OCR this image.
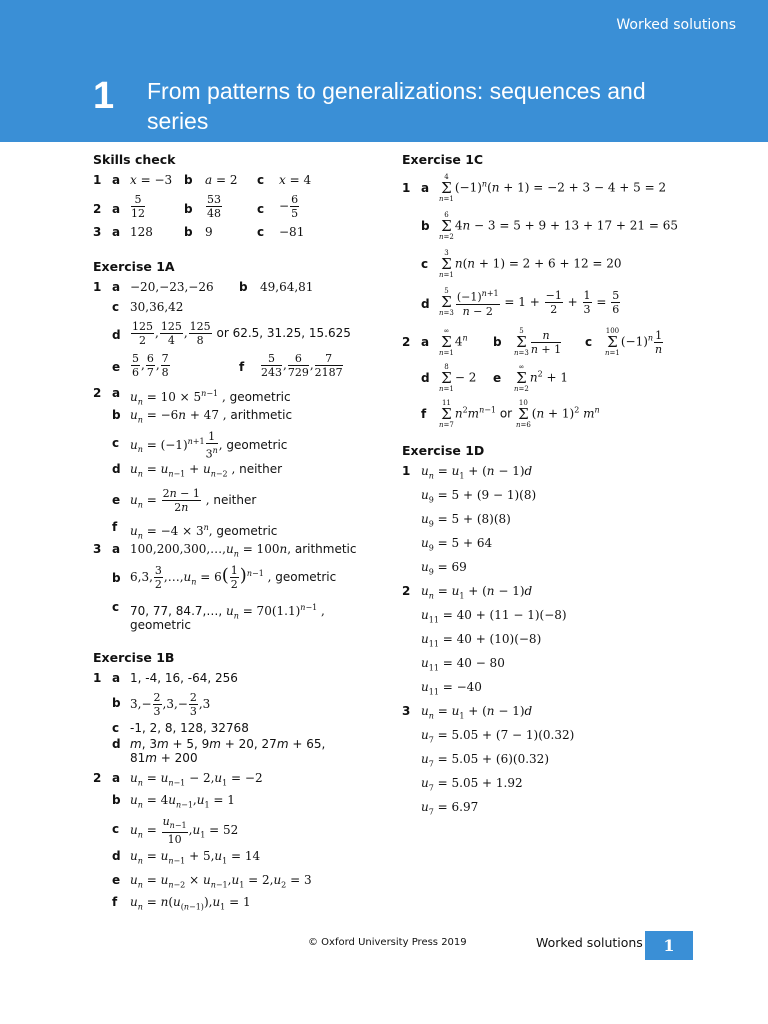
Worked solutions
1 From patterns to generalizations: sequences and series
Skills check
1 a x = −3 b a = 2 c x = 4
2 a $\frac{5}{12}$	b $\frac{53}{48}$	$c - \frac{6}{5}$
3 a 128	b 9	c −81
Exercise 1A
1 a −20,−23,−26 b 49,64,81
c 30,36,42
d $\frac{125}{2}$ , $\frac{125}{4}$ , $\frac{125}{8}$ or 62.5, 31.25, 15.625
e $\frac{5}{6}$ , $\frac{6}{7}$ , $\frac{7}{8}$	f $\frac{5}{243}$ , $\frac{6}{729}$ , $\frac{7}{2187}$
2 a $u_n = 10 \times 5^{n-1}$ , geometric
b $u_n = -6n + 47$ , arithmetic
c $u_n = (-1)^{n+1} \frac{1}{3^n}$ , geometric
d $u_n = u_{n-1} + u_{n-2}$ , neither
e $u_n = \frac{2n - 1}{2n}$ , neither
f $u_n = -4 \times 3^n$, geometric
3 a $100,200,300,\dots,u_n = 100n$, arithmetic
b 6,3, $\frac{3}{2}$ $,\dots,u_n = 6( \frac{1}{2} )^{n-1}$ , geometric
c 70, 77, 84.7,…, $u_n = 70(1.1)^{n-1}$ ,
geometric
Exercise 1B
1 a 1, -4, 16, -64, 256
b $3,- \frac{2}{3} ,3,- \frac{2}{3} ,3$
c -1, 2, 8, 128, 32768
d m, 3m + 5, 9m + 20, 27m + 65,
81m + 200
2 a $u_n = u_{n-1} - 2,u_1 = -2$
b $u_n = 4u_{n-1},u_1 = 1$
c $u_n = \frac{u_{n-1}}{10} ,u_1 = 52$
d $u_n = u_{n-1} + 5,u_1 = 14$
e $u_n = u_{n-2} \times u_{n-1},u_1 = 2,u_2 = 3$
f $u_n = n(u_{(n-1)}),u_1 = 1$
Exercise 1C
1 a
4
Σ
$n=1(-1)^n(n + 1) = -2 + 3 - 4 + 5 = 2$
b
6
Σ
n=24n − 3 = 5 + 9 + 13 + 17 + 21 = 65
c
3
Σ
n=1n(n + 1) = 2 + 6 + 12 = 20
d
5
Σ
$n=3 \frac{(-1)^{n+1}}{n - 2} = 1 + \frac{-1}{2} + \frac{1}{3} = \frac{5}{6}$
2 a
∞
Σ
$n=14^n$ b
5
Σ
$n=3 \frac{n}{n + 1}$ c
100
Σ
$n=1(-1)^n \frac{1}{n}$
d
8
Σ
n=1− 2 e
∞
Σ
$n=2n^2 + 1$
f
11
Σ
$n=7n^2m^{n-1}$ or 10
Σ
$n=6(n + 1)^2$ $m^n$
Exercise 1D
1 $u_n = u_1 + (n - 1)d$
$u_9 = 5 + (9 - 1)(8)$
$u_9 = 5 + (8)(8)$
$u_9 = 5 + 64$
$u_9 = 69$
2 $u_n = u_1 + (n - 1)d$
$u_{11} = 40 + (11 - 1)(-8)$
$u_{11} = 40 + (10)(-8)$
$u_{11} = 40 - 80$
$u_{11} = -40$
3 $u_n = u_1 + (n - 1)d$
$u_7 = 5.05 + (7 - 1)(0.32)$
$u_7 = 5.05 + (6)(0.32)$
$u_7 = 5.05 + 1.92$
$u_7 = 6.97$
© Oxford University Press 2019	Worked solutions	1
